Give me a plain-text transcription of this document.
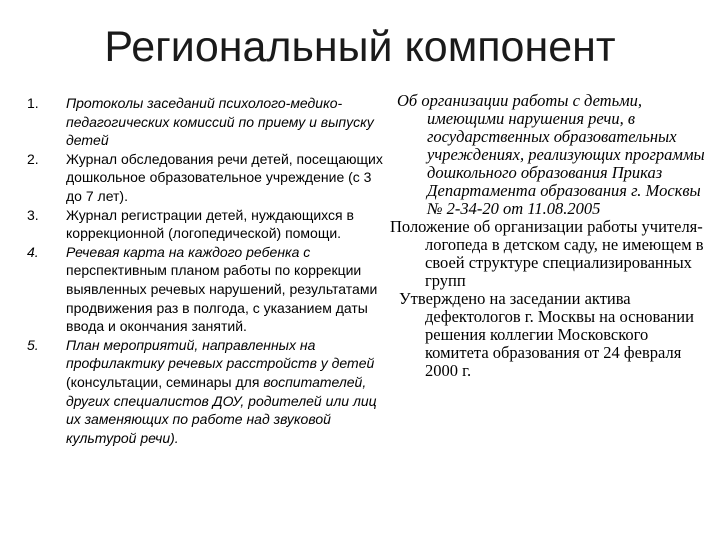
Региональный компонент
1. Протоколы заседаний психолого-медико-педагогических комиссий по приему и выпуску детей
2. Журнал обследования речи детей, посещающих дошкольное образовательное учреждение (с 3 до 7 лет).
3. Журнал регистрации детей, нуждающихся в коррекционной (логопедической) помощи.
4. Речевая карта на каждого ребенка с перспективным планом работы по коррекции выявленных речевых нарушений, результатами продвижения раз в полгода, с указанием даты ввода и окончания занятий.
5. План мероприятий, направленных на профилактику речевых расстройств у детей (консультации, семинары для воспитателей, других специалистов ДОУ, родителей или лиц их заменяющих по работе над звуковой культурой речи).

Об организации работы с детьми, имеющими нарушения речи, в государственных образовательных учреждениях, реализующих программы дошкольного образования Приказ Департамента образования г. Москвы № 2-34-20 от 11.08.2005

Положение об организации работы учителя-логопеда в детском саду, не имеющем в своей структуре специализированных групп

Утверждено на заседании актива дефектологов г. Москвы на основании решения коллегии Московского комитета образования от 24 февраля 2000 г.
